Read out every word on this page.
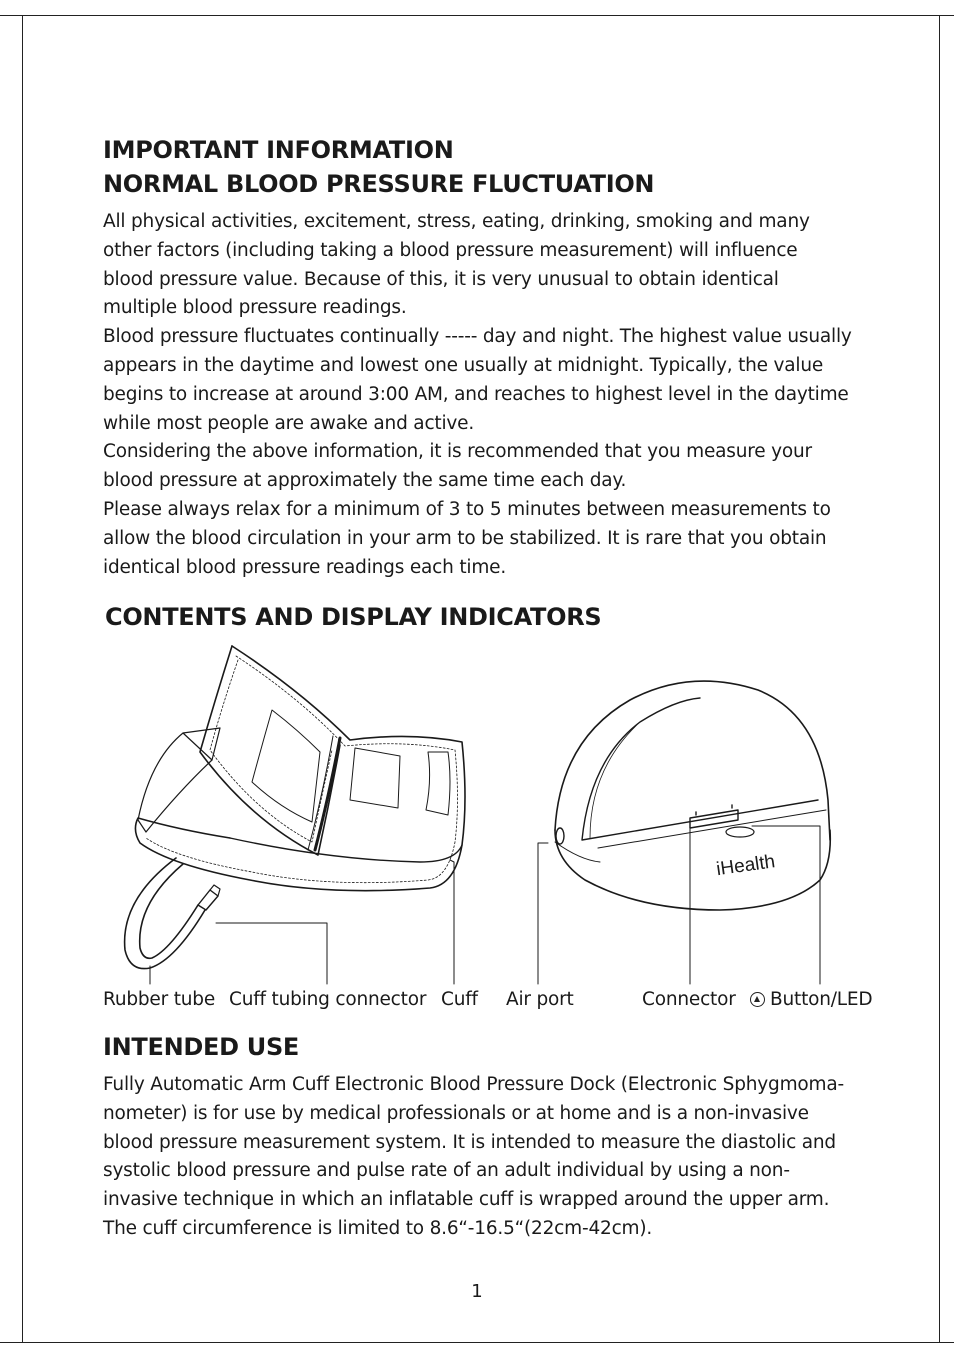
IMPORTANT INFORMATION
NORMAL BLOOD PRESSURE FLUCTUATION

All physical activities, excitement, stress, eating, drinking, smoking and many other factors (including taking a blood pressure measurement) will influence blood pressure value. Because of this, it is very unusual to obtain identical multiple blood pressure readings.

Blood pressure fluctuates continually ----- day and night. The highest value usually appears in the daytime and lowest one usually at midnight. Typically, the value begins to increase at around 3:00 AM, and reaches to highest level in the daytime while most people are awake and active.

Considering the above information, it is recommended that you measure your blood pressure at approximately the same time each day.

Please always relax for a minimum of 3 to 5 minutes between measurements to allow the blood circulation in your arm to be stabilized. It is rare that you obtain identical blood pressure readings each time.

CONTENTS AND DISPLAY INDICATORS
iHealth
Rubber tube Cuff tubing connector Cuff Air port	Connector	Button/LED
INTENDED USE

Fully Automatic Arm Cuff Electronic Blood Pressure Dock (Electronic Sphygmoma-nometer) is for use by medical professionals or at home and is a non-invasive blood pressure measurement system. It is intended to measure the diastolic and systolic blood pressure and pulse rate of an adult individual by using a non-invasive technique in which an inflatable cuff is wrapped around the upper arm. The cuff circumference is limited to 8.6“-16.5“(22cm-42cm).

1
